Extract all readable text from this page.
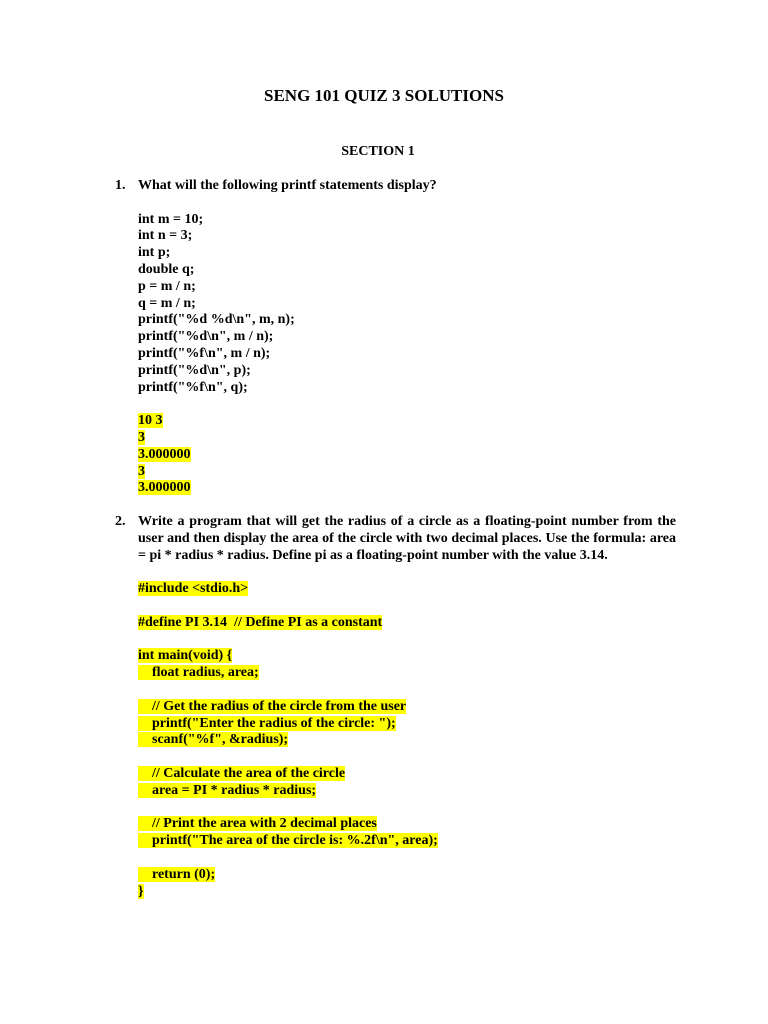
SENG 101 QUIZ 3 SOLUTIONS
SECTION 1
1. What will the following printf statements display?

int m = 10;
int n = 3;
int p;
double q;
p = m / n;
q = m / n;
printf("%d %d\n", m, n);
printf("%d\n", m / n);
printf("%f\n", m / n);
printf("%d\n", p);
printf("%f\n", q);
10 3
3
3.000000
3
3.000000
2. Write a program that will get the radius of a circle as a floating-point number from the user and then display the area of the circle with two decimal places. Use the formula: area = pi * radius * radius. Define pi as a floating-point number with the value 3.14.

#include <stdio.h>
#define PI 3.14  // Define PI as a constant
int main(void) {
float radius, area;
// Get the radius of the circle from the user
printf("Enter the radius of the circle: ");
scanf("%f", &radius);
// Calculate the area of the circle
area = PI * radius * radius;
// Print the area with 2 decimal places
printf("The area of the circle is: %.2f\n", area);
return (0);
}
